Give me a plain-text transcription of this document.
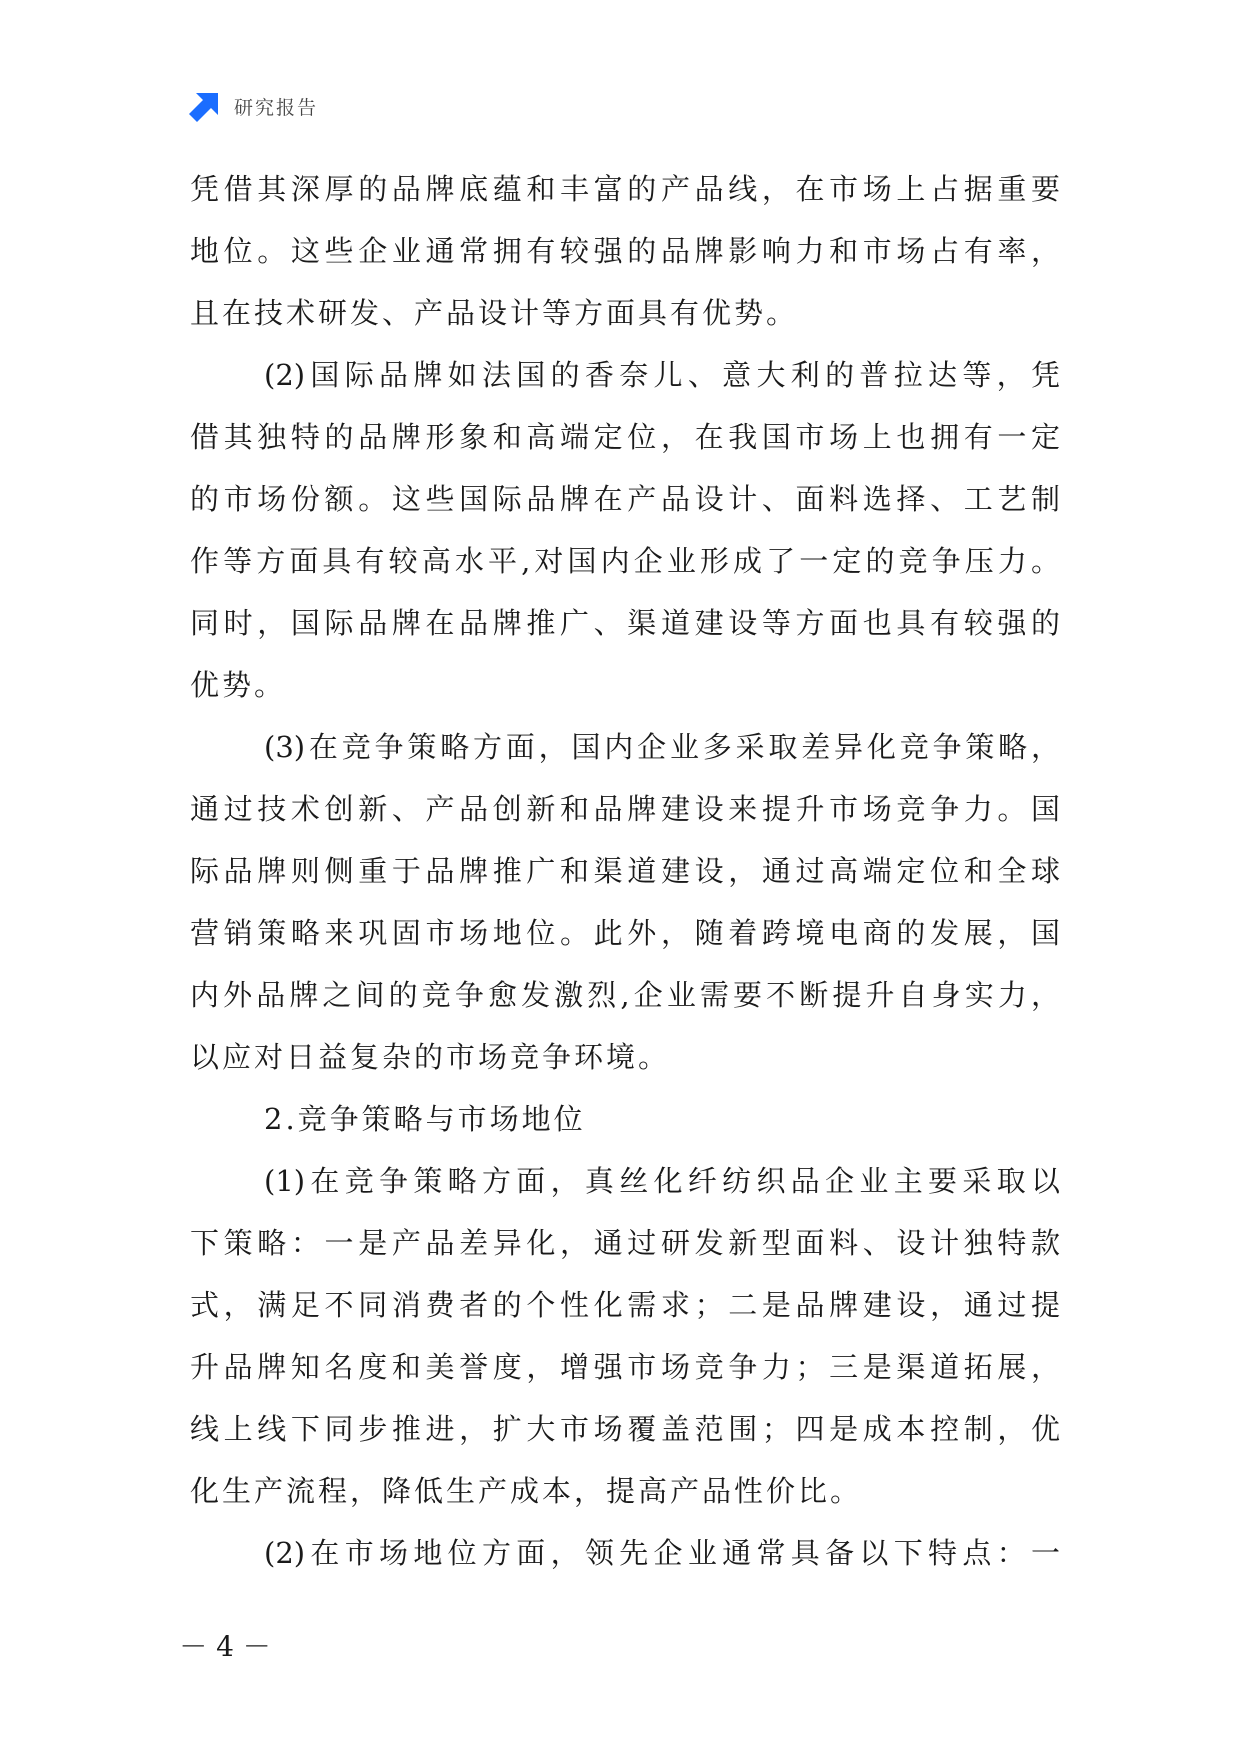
研究报告
凭借其深厚的品牌底蕴和丰富的产品线，在市场上占据重要
地位。这些企业通常拥有较强的品牌影响力和市场占有率，
且在技术研发、产品设计等方面具有优势。
(2)国际品牌如法国的香奈儿、意大利的普拉达等，凭
借其独特的品牌形象和高端定位，在我国市场上也拥有一定
的市场份额。这些国际品牌在产品设计、面料选择、工艺制
作等方面具有较高水平,对国内企业形成了一定的竞争压力。
同时，国际品牌在品牌推广、渠道建设等方面也具有较强的
优势。
(3)在竞争策略方面，国内企业多采取差异化竞争策略，
通过技术创新、产品创新和品牌建设来提升市场竞争力。国
际品牌则侧重于品牌推广和渠道建设，通过高端定位和全球
营销策略来巩固市场地位。此外，随着跨境电商的发展，国
内外品牌之间的竞争愈发激烈,企业需要不断提升自身实力，
以应对日益复杂的市场竞争环境。
2.竞争策略与市场地位
(1)在竞争策略方面，真丝化纤纺织品企业主要采取以
下策略：一是产品差异化，通过研发新型面料、设计独特款
式，满足不同消费者的个性化需求；二是品牌建设，通过提
升品牌知名度和美誉度，增强市场竞争力；三是渠道拓展，
线上线下同步推进，扩大市场覆盖范围；四是成本控制，优
化生产流程，降低生产成本，提高产品性价比。
(2)在市场地位方面，领先企业通常具备以下特点：一
－ 4 －
